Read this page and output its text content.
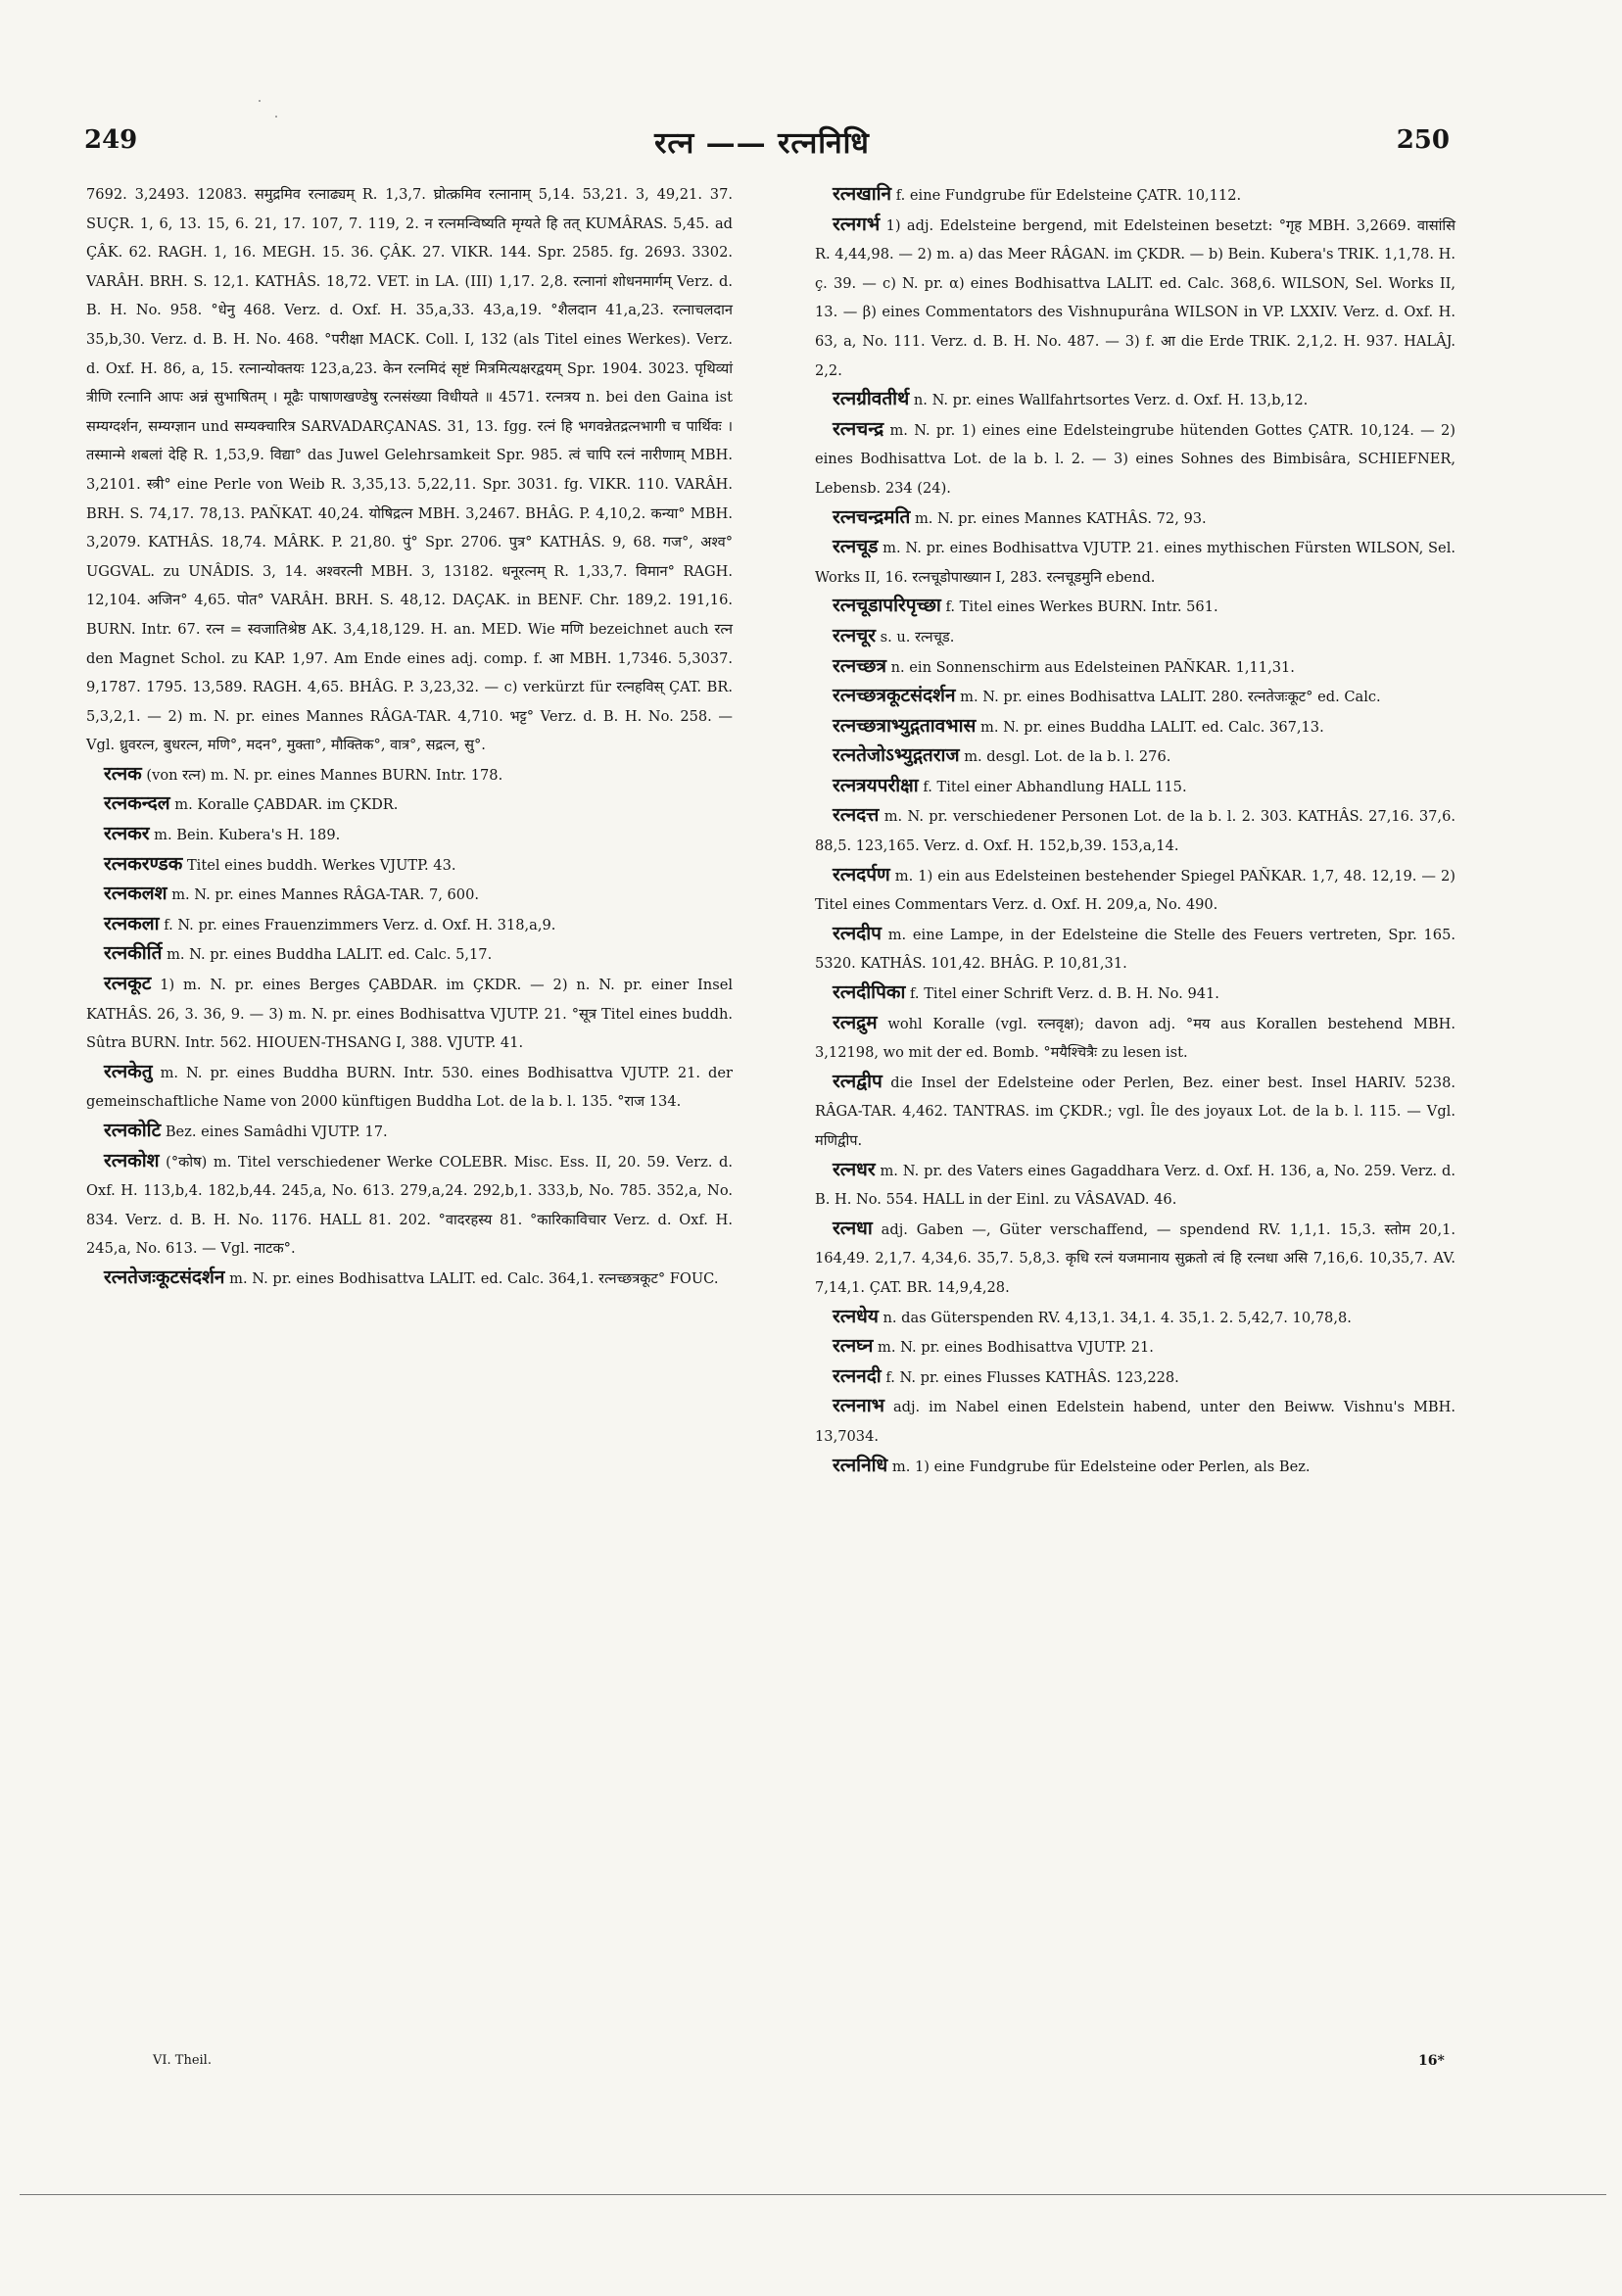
249	रत्न —— रत्ननिधि	250

7692. 3,2493. 12083. समुद्रमिव रत्नाढ्यम् R. 1,3,7. घ्रोत्क्रमिव रत्नानाम् 5,14. 53,21. 3, 49,21. 37. SUÇR. 1, 6, 13. 15, 6. 21, 17. 107, 7. 119, 2. न रत्नमन्विष्यति मृग्यते हि तत् KUMÂRAS. 5,45. ad ÇÂK. 62. RAGH. 1, 16. MEGH. 15. 36. ÇÂK. 27. VIKR. 144. Spr. 2585. fg. 2693. 3302. VARÂH. BRH. S. 12,1. KATHÂS. 18,72. VET. in LA. (III) 1,17. 2,8. रत्नानां शोधनमार्गम् Verz. d. B. H. No. 958. °धेनु 468. Verz. d. Oxf. H. 35,a,33. 43,a,19. °शैलदान 41,a,23. रत्नाचलदान 35,b,30. Verz. d. B. H. No. 468. °परीक्षा MACK. Coll. I, 132 (als Titel eines Werkes). Verz. d. Oxf. H. 86, a, 15. रत्नान्योक्तयः 123,a,23. केन रत्नमिदं सृष्टं मित्रमित्यक्षरद्वयम् Spr. 1904. 3023. पृथिव्यां त्रीणि रत्नानि आपः अन्नं सुभाषितम् । मूढैः पाषाणखण्डेषु रत्नसंख्या विधीयते ॥ 4571. रत्नत्रय n. bei den Gaina ist सम्यग्दर्शन, सम्यग्ज्ञान und सम्यक्चारित्र SARVADARÇANAS. 31, 13. fgg. रत्नं हि भगवन्नेतद्रत्नभागी च पार्थिवः । तस्मान्मे शबलां देहि R. 1,53,9. विद्या° das Juwel Gelehrsamkeit Spr. 985. त्वं चापि रत्नं नारीणाम् MBH. 3,2101. स्त्री° eine Perle von Weib R. 3,35,13. 5,22,11. Spr. 3031. fg. VIKR. 110. VARÂH. BRH. S. 74,17. 78,13. PAÑKAT. 40,24. योषिद्रत्न MBH. 3,2467. BHÂG. P. 4,10,2. कन्या° MBH. 3,2079. KATHÂS. 18,74. MÂRK. P. 21,80. पुं° Spr. 2706. पुत्र° KATHÂS. 9, 68. गज°, अश्व° UGGVAL. zu UNÂDIS. 3, 14. अश्वरत्नी MBH. 3, 13182. धनूरत्नम् R. 1,33,7. विमान° RAGH. 12,104. अजिन° 4,65. पोत° VARÂH. BRH. S. 48,12. DAÇAK. in BENF. Chr. 189,2. 191,16. BURN. Intr. 67. रत्न = स्वजातिश्रेष्ठ AK. 3,4,18,129. H. an. MED. Wie मणि bezeichnet auch रत्न den Magnet Schol. zu KAP. 1,97. Am Ende eines adj. comp. f. आ MBH. 1,7346. 5,3037. 9,1787. 1795. 13,589. RAGH. 4,65. BHÂG. P. 3,23,32. — c) verkürzt für रत्नहविस् ÇAT. BR. 5,3,2,1. — 2) m. N. pr. eines Mannes RÂGA-TAR. 4,710. भट्ट° Verz. d. B. H. No. 258. — Vgl. ध्रुवरत्न, बुधरत्न, मणि°, मदन°, मुक्ता°, मौक्तिक°, वात्र°, सद्रत्न, सु°.

रत्नक (von रत्न) m. N. pr. eines Mannes BURN. Intr. 178.

रत्नकन्दल m. Koralle ÇABDAR. im ÇKDR.

रत्नकर m. Bein. Kubera's H. 189.

रत्नकरण्डक Titel eines buddh. Werkes VJUTP. 43.

रत्नकलश m. N. pr. eines Mannes RÂGA-TAR. 7, 600.

रत्नकला f. N. pr. eines Frauenzimmers Verz. d. Oxf. H. 318,a,9.

रत्नकीर्ति m. N. pr. eines Buddha LALIT. ed. Calc. 5,17.

रत्नकूट 1) m. N. pr. eines Berges ÇABDAR. im ÇKDR. — 2) n. N. pr. einer Insel KATHÂS. 26, 3. 36, 9. — 3) m. N. pr. eines Bodhisattva VJUTP. 21. °सूत्र Titel eines buddh. Sûtra BURN. Intr. 562. HIOUEN-THSANG I, 388. VJUTP. 41.

रत्नकेतु m. N. pr. eines Buddha BURN. Intr. 530. eines Bodhisattva VJUTP. 21. der gemeinschaftliche Name von 2000 künftigen Buddha Lot. de la b. l. 135. °राज 134.

रत्नकोटि Bez. eines Samâdhi VJUTP. 17.

रत्नकोश (°कोष) m. Titel verschiedener Werke COLEBR. Misc. Ess. II, 20. 59. Verz. d. Oxf. H. 113,b,4. 182,b,44. 245,a, No. 613. 279,a,24. 292,b,1. 333,b, No. 785. 352,a, No. 834. Verz. d. B. H. No. 1176. HALL 81. 202. °वादरहस्य 81. °कारिकाविचार Verz. d. Oxf. H. 245,a, No. 613. — Vgl. नाटक°.

रत्नतेजःकूटसंदर्शन m. N. pr. eines Bodhisattva LALIT. ed. Calc. 364,1. रत्नच्छत्रकूट° FOUC.

रत्नखानि f. eine Fundgrube für Edelsteine ÇATR. 10,112.

रत्नगर्भ 1) adj. Edelsteine bergend, mit Edelsteinen besetzt: °गृह MBH. 3,2669. वासांसि R. 4,44,98. — 2) m. a) das Meer RÂGAN. im ÇKDR. — b) Bein. Kubera's TRIK. 1,1,78. H. ç. 39. — c) N. pr. α) eines Bodhisattva LALIT. ed. Calc. 368,6. WILSON, Sel. Works II, 13. — β) eines Commentators des Vishnupurâna WILSON in VP. LXXIV. Verz. d. Oxf. H. 63, a, No. 111. Verz. d. B. H. No. 487. — 3) f. आ die Erde TRIK. 2,1,2. H. 937. HALÂJ. 2,2.

रत्नग्रीवतीर्थ n. N. pr. eines Wallfahrtsortes Verz. d. Oxf. H. 13,b,12.

रत्नचन्द्र m. N. pr. 1) eines eine Edelsteingrube hütenden Gottes ÇATR. 10,124. — 2) eines Bodhisattva Lot. de la b. l. 2. — 3) eines Sohnes des Bimbisâra, SCHIEFNER, Lebensb. 234 (24).

रत्नचन्द्रमति m. N. pr. eines Mannes KATHÂS. 72, 93.

रत्नचूड m. N. pr. eines Bodhisattva VJUTP. 21. eines mythischen Fürsten WILSON, Sel. Works II, 16. रत्नचूडोपाख्यान I, 283. रत्नचूडमुनि ebend.

रत्नचूडापरिपृच्छा f. Titel eines Werkes BURN. Intr. 561.

रत्नचूर s. u. रत्नचूड.

रत्नच्छत्र n. ein Sonnenschirm aus Edelsteinen PAÑKAR. 1,11,31.

रत्नच्छत्रकूटसंदर्शन m. N. pr. eines Bodhisattva LALIT. 280. रत्नतेजःकूट° ed. Calc.

रत्नच्छत्राभ्युद्गतावभास m. N. pr. eines Buddha LALIT. ed. Calc. 367,13.

रत्नतेजोऽभ्युद्गतराज m. desgl. Lot. de la b. l. 276.

रत्नत्रयपरीक्षा f. Titel einer Abhandlung HALL 115.

रत्नदत्त m. N. pr. verschiedener Personen Lot. de la b. l. 2. 303. KATHÂS. 27,16. 37,6. 88,5. 123,165. Verz. d. Oxf. H. 152,b,39. 153,a,14.

रत्नदर्पण m. 1) ein aus Edelsteinen bestehender Spiegel PAÑKAR. 1,7, 48. 12,19. — 2) Titel eines Commentars Verz. d. Oxf. H. 209,a, No. 490.

रत्नदीप m. eine Lampe, in der Edelsteine die Stelle des Feuers vertreten, Spr. 165. 5320. KATHÂS. 101,42. BHÂG. P. 10,81,31.

रत्नदीपिका f. Titel einer Schrift Verz. d. B. H. No. 941.

रत्नद्रुम wohl Koralle (vgl. रत्नवृक्ष); davon adj. °मय aus Korallen bestehend MBH. 3,12198, wo mit der ed. Bomb. °मयैश्चित्रैः zu lesen ist.

रत्नद्वीप die Insel der Edelsteine oder Perlen, Bez. einer best. Insel HARIV. 5238. RÂGA-TAR. 4,462. TANTRAS. im ÇKDR.; vgl. Île des joyaux Lot. de la b. l. 115. — Vgl. मणिद्वीप.

रत्नधर m. N. pr. des Vaters eines Gagaddhara Verz. d. Oxf. H. 136, a, No. 259. Verz. d. B. H. No. 554. HALL in der Einl. zu VÂSAVAD. 46.

रत्नधा adj. Gaben —, Güter verschaffend, — spendend RV. 1,1,1. 15,3. स्तोम 20,1. 164,49. 2,1,7. 4,34,6. 35,7. 5,8,3. कृधि रत्नं यजमानाय सुक्रतो त्वं हि रत्नधा असि 7,16,6. 10,35,7. AV. 7,14,1. ÇAT. BR. 14,9,4,28.

रत्नधेय n. das Güterspenden RV. 4,13,1. 34,1. 4. 35,1. 2. 5,42,7. 10,78,8.

रत्नघ्न m. N. pr. eines Bodhisattva VJUTP. 21.

रत्ननदी f. N. pr. eines Flusses KATHÂS. 123,228.

रत्ननाभ adj. im Nabel einen Edelstein habend, unter den Beiww. Vishnu's MBH. 13,7034.

रत्ननिधि m. 1) eine Fundgrube für Edelsteine oder Perlen, als Bez.

VI. Theil.	16*
